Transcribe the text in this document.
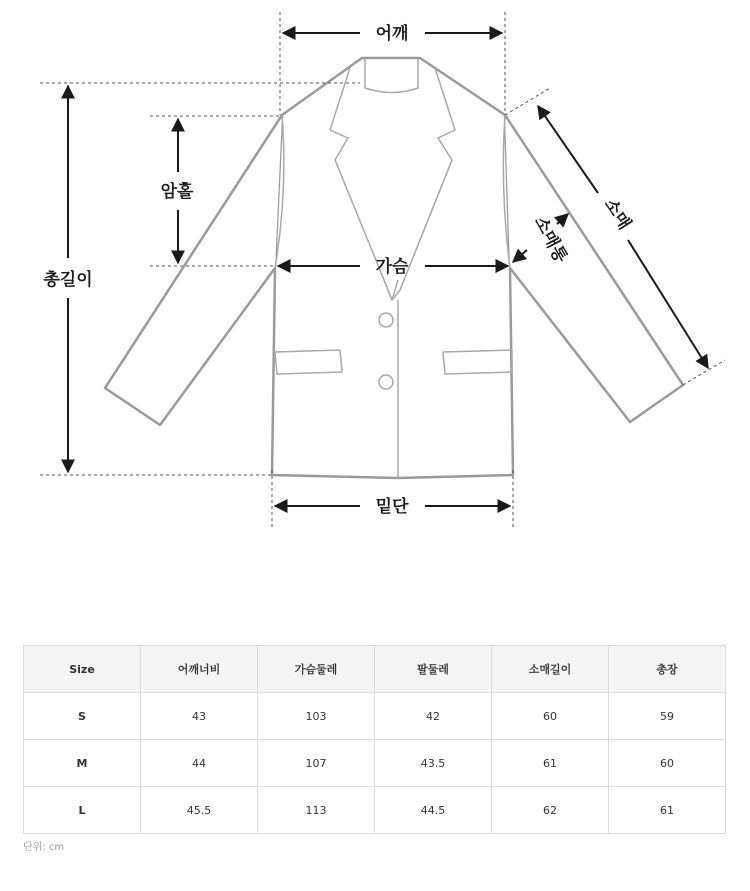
어깨
암홀
총길이
가슴
밑단
소매
소매통
Size	어깨너비	가슴둘레	팔둘레	소매길이	총장
S	43	103	42	60	59
M	44	107	43.5	61	60
L	45.5	113	44.5	62	61
단위: cm
